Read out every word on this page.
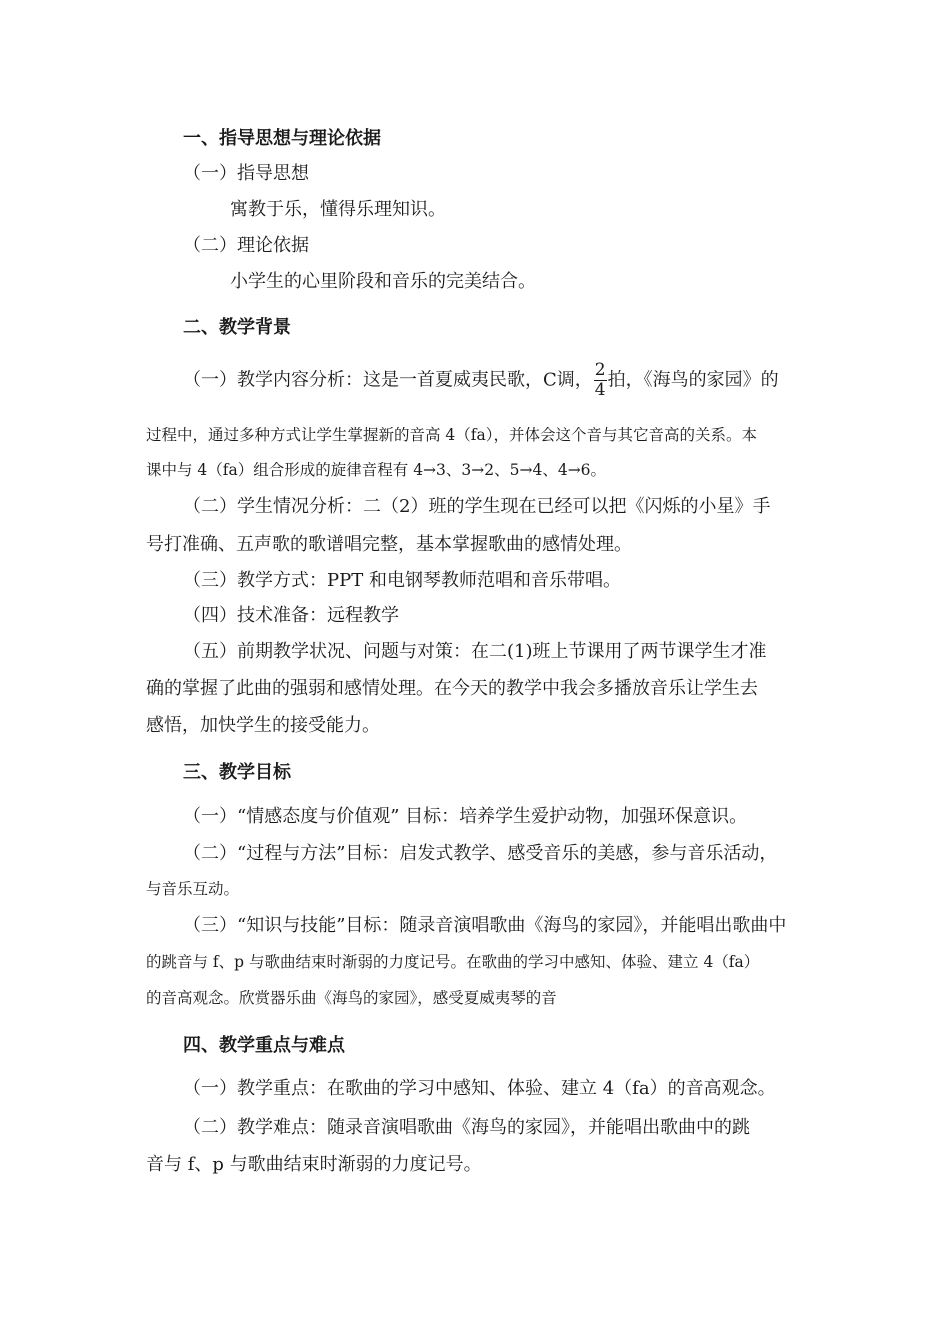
一、指导思想与理论依据
（一）指导思想
寓教于乐，懂得乐理知识。
（二）理论依据
小学生的心里阶段和音乐的完美结合。
二、教学背景
（一）教学内容分析：这是一首夏威夷民歌，C调， $\frac{2}{4}$ 拍，《海鸟的家园》的
过程中，通过多种方式让学生掌握新的音高 4（fa），并体会这个音与其它音高的关系。本
课中与 4（fa）组合形成的旋律音程有 4→3、3→2、5→4、4→6。
（二）学生情况分析：二（2）班的学生现在已经可以把《闪烁的小星》手
号打准确、五声歌的歌谱唱完整，基本掌握歌曲的感情处理。
（三）教学方式：PPT 和电钢琴教师范唱和音乐带唱。
（四）技术准备：远程教学
（五）前期教学状况、问题与对策：在二(1)班上节课用了两节课学生才准
确的掌握了此曲的强弱和感情处理。在今天的教学中我会多播放音乐让学生去
感悟，加快学生的接受能力。
三、教学目标
（一）“情感态度与价值观” 目标：培养学生爱护动物，加强环保意识。
（二）“过程与方法”目标：启发式教学、感受音乐的美感，参与音乐活动，
与音乐互动。
（三）“知识与技能”目标：随录音演唱歌曲《海鸟的家园》，并能唱出歌曲中
的跳音与 f、p 与歌曲结束时渐弱的力度记号。在歌曲的学习中感知、体验、建立 4（fa）
的音高观念。欣赏器乐曲《海鸟的家园》，感受夏威夷琴的音
四、教学重点与难点
（一）教学重点：在歌曲的学习中感知、体验、建立 4（fa）的音高观念。
（二）教学难点：随录音演唱歌曲《海鸟的家园》，并能唱出歌曲中的跳
音与 f、p 与歌曲结束时渐弱的力度记号。
